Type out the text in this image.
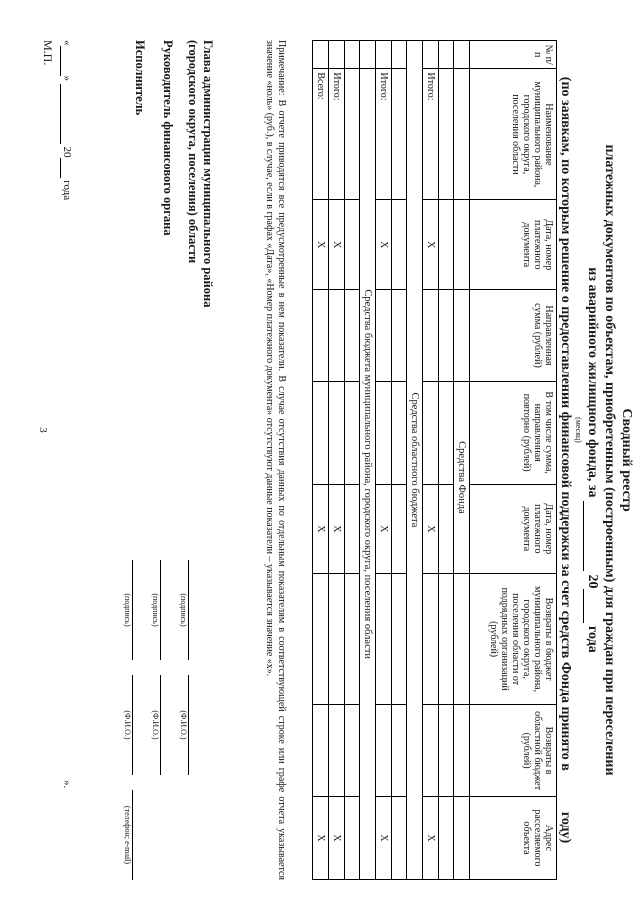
3	Сводный реестр

платежных документов по объектам, приобретенным (построенным) для граждан при переселении

из аварийного жилищного фонда, за   20  года

(месяц)

(по заявкам, по которым решение о предоставлении финансовой поддержки за счет средств Фонда принято в   году)

№ п/п	Наименование муниципального района, городского округа, поселения области	Дата, номер платежного документа	Направленная сумма (рублей)	В том числе сумма, направленная повторно (рублей)	Дата, номер платежного документа	Возвраты в бюджет муниципального района, городского округа, поселения области от подрядных организаций (рублей)	Возвраты в областной бюджет (рублей)	Адрес расселяемого объекта
				Средства Фонда				

	Итого:	X			X			X
Средства областного бюджета								

	Итого:	X			X			X
	Средства бюджета муниципального района, городского округа, поселения области							

	Итого:	X			X			X
	Всего:	X			X			X
Примечание: В отчете приводятся все предусмотренные в нем показатели. В случае отсутствия данных по отдельным показателям в соответствующей строке или графе отчета указывается значение «ноль» (руб.), в случае, если в графах «Дата», «Номер платежного документа» отсутствуют данные показатели – указывается значение «х».
Глава администрации муниципального района
(городского округа, поселения) области
(подпись)
(Ф.И.О.)
Руководитель финансового органа
(подпись)
(Ф.И.О.)
Исполнитель
(подпись)
(Ф.И.О.)
(телефон; e-mail)
« »   20  года
М.П.
».
